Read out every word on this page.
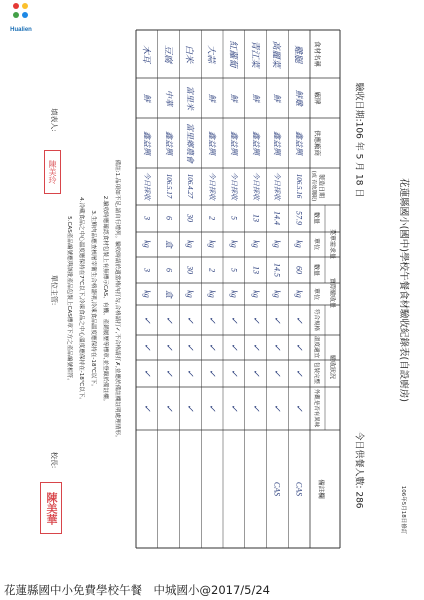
Hualien
食材名稱
廠牌
供應廠商
製造日期
(或 有效期限)
菜單需求量
數量
單位
實際驗收量
數量
單位
驗收狀況
符合規格
溫度適宜
包裝完整
外觀是否有異味
備註欄
雞腿
鮮雞
鑫益興
106.5.16
57.9
kg
60
kg
✓
✓
✓
✓
CAS
高麗菜
鮮
鑫益興
今日採收
14.4
kg
14.5
kg
✓
✓
✓
✓
CAS
青江菜
鮮
鑫益興
今日採收
13
kg
13
kg
✓
✓
✓
✓
紅蘿蔔
鮮
鑫益興
今日採收
5
kg
5
kg
✓
✓
✓
✓
大蒜
鮮
鑫益興
今日採收
2
kg
2
kg
✓
✓
✓
✓
白米
富里米
富里鄉農會
106.4.27
30
kg
30
kg
✓
✓
✓
✓
豆腐
中華
鑫益興
106.5.17
6
盒
6
盒
✓
✓
✓
✓
木耳
鮮
鑫益興
今日採收
3
kg
3
kg
✓
✓
✓
✓
花蓮縣國小(國中)學校午餐食材驗收紀錄表(自設廚房)
驗收日期:106 年 5 月 18 日
今日供餐人數: 286
106年5月18日修訂
備註:1.品項如不足,請自行增列。驗收時請於適當格內打勾,合格請打✓,不合格請打✗,並應於備註欄註明處理情形。
2.驗收時應確認食材包裝上有無標示CAS、有機、產銷履歷等標章,並登錄於備註欄。
3.生鮮肉品應查核屠宰衛生合格證明,冷凍食品溫度應保持在-18℃以下。
4.冷藏食品之中心溫度應保持在7℃以下,冷凍食品之中心溫度應保持在-18℃以下。
5.CAS產品編號應與該批產品包裝上CAS標章下方之產品編號相符。
填表人:
單位主管:
校長:
陳美玲
陳美華
花蓮縣國中小免費學校午餐　中城國小@2017/5/24
